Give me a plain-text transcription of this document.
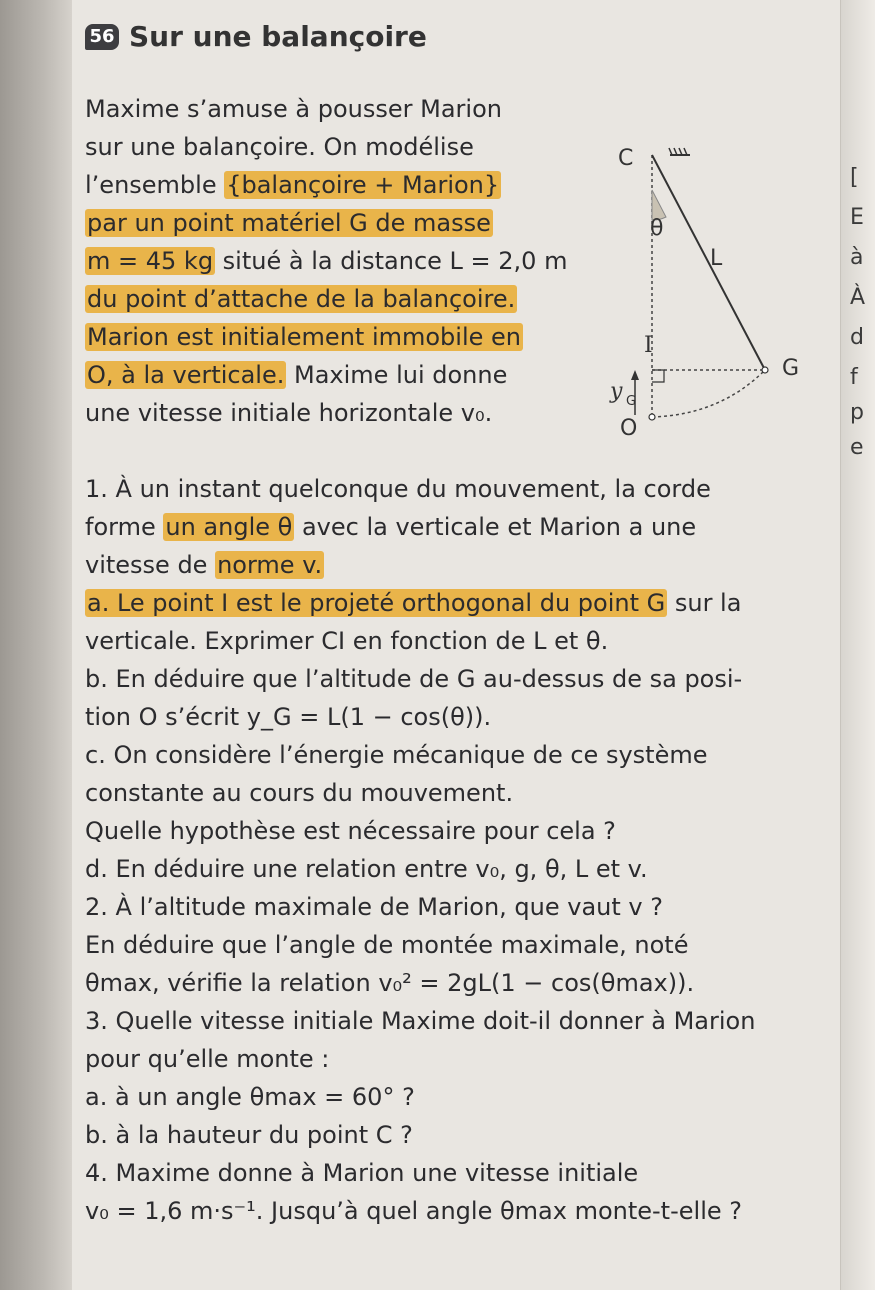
[
E
à
À
d
f
p
e
56 Sur une balançoire
Maxime s’amuse à pousser Marion
sur une balançoire. On modélise
l’ensemble {balançoire + Marion}
par un point matériel G de masse
m = 45 kg situé à la distance L = 2,0 m
du point d’attache de la balançoire.
Marion est initialement immobile en
O, à la verticale. Maxime lui donne
une vitesse initiale horizontale v₀.
C
θ
L
I
G
y G
O
1. À un instant quelconque du mouvement, la corde
forme un angle θ avec la verticale et Marion a une
vitesse de norme v.
a. Le point I est le projeté orthogonal du point G sur la
verticale. Exprimer CI en fonction de L et θ.
b. En déduire que l’altitude de G au-dessus de sa posi-
tion O s’écrit y_G = L(1 − cos(θ)).
c. On considère l’énergie mécanique de ce système
constante au cours du mouvement.
Quelle hypothèse est nécessaire pour cela ?
d. En déduire une relation entre v₀, g, θ, L et v.
2. À l’altitude maximale de Marion, que vaut v ?
En déduire que l’angle de montée maximale, noté
θmax, vérifie la relation v₀² = 2gL(1 − cos(θmax)).
3. Quelle vitesse initiale Maxime doit-il donner à Marion
pour qu’elle monte :
a. à un angle θmax = 60° ?
b. à la hauteur du point C ?
4. Maxime donne à Marion une vitesse initiale
v₀ = 1,6 m·s⁻¹. Jusqu’à quel angle θmax monte-t-elle ?
